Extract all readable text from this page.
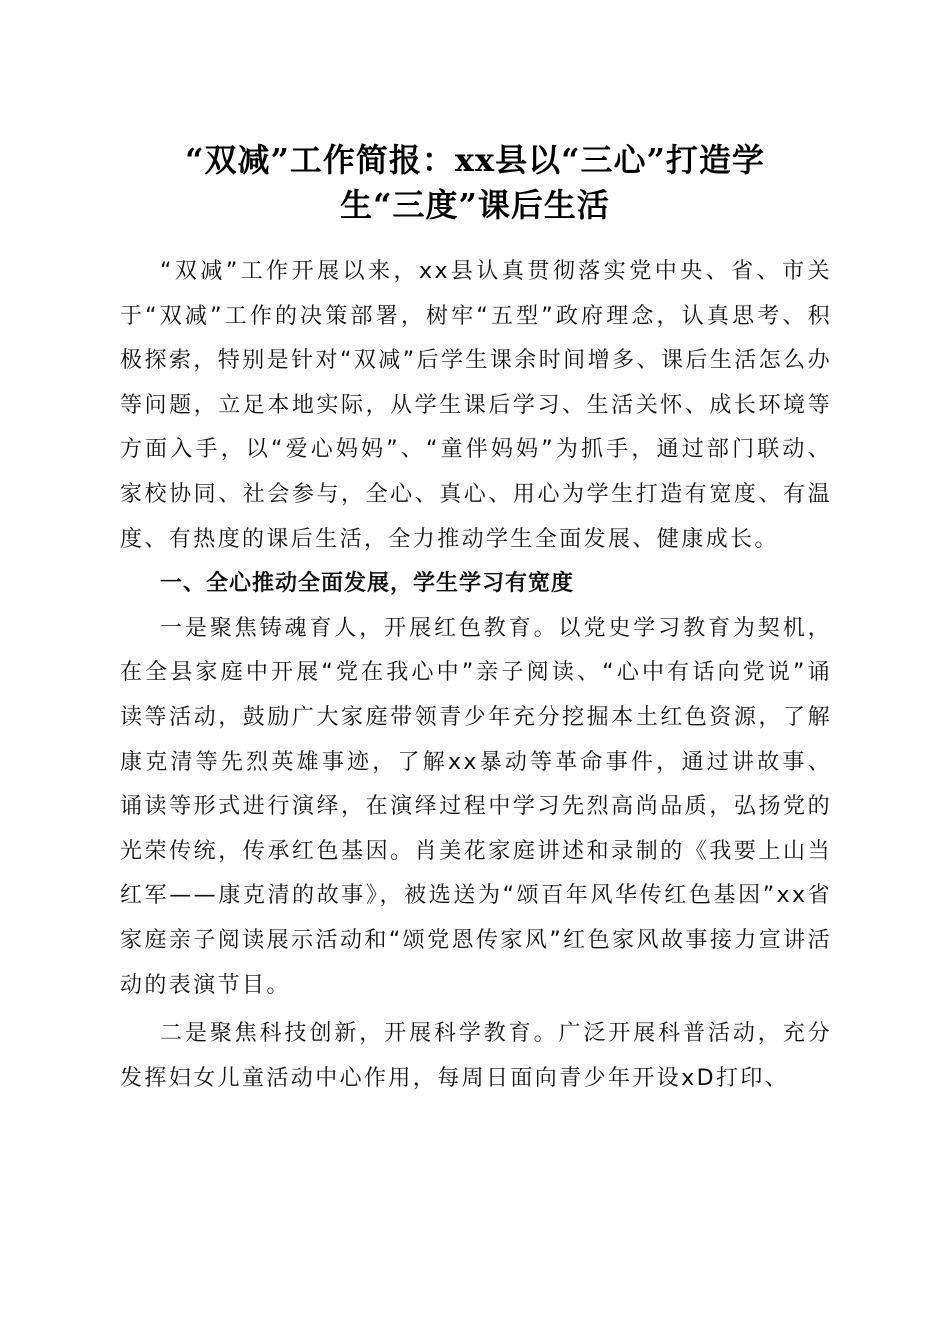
“双减”工作简报：xx县以“三心”打造学
生“三度”课后生活

“双减”工作开展以来，xx县认真贯彻落实党中央、省、市关于“双减”工作的决策部署，树牢“五型”政府理念，认真思考、积极探索，特别是针对“双减”后学生课余时间增多、课后生活怎么办等问题，立足本地实际，从学生课后学习、生活关怀、成长环境等方面入手，以“爱心妈妈”、“童伴妈妈”为抓手，通过部门联动、家校协同、社会参与，全心、真心、用心为学生打造有宽度、有温度、有热度的课后生活，全力推动学生全面发展、健康成长。

一、全心推动全面发展，学生学习有宽度

一是聚焦铸魂育人，开展红色教育。以党史学习教育为契机，在全县家庭中开展“党在我心中”亲子阅读、“心中有话向党说”诵读等活动，鼓励广大家庭带领青少年充分挖掘本土红色资源，了解康克清等先烈英雄事迹，了解xx暴动等革命事件，通过讲故事、诵读等形式进行演绎，在演绎过程中学习先烈高尚品质，弘扬党的光荣传统，传承红色基因。肖美花家庭讲述和录制的《我要上山当红军——康克清的故事》，被选送为“颂百年风华传红色基因”xx省家庭亲子阅读展示活动和“颂党恩传家风”红色家风故事接力宣讲活动的表演节目。

二是聚焦科技创新，开展科学教育。广泛开展科普活动，充分发挥妇女儿童活动中心作用，每周日面向青少年开设xD打印、
